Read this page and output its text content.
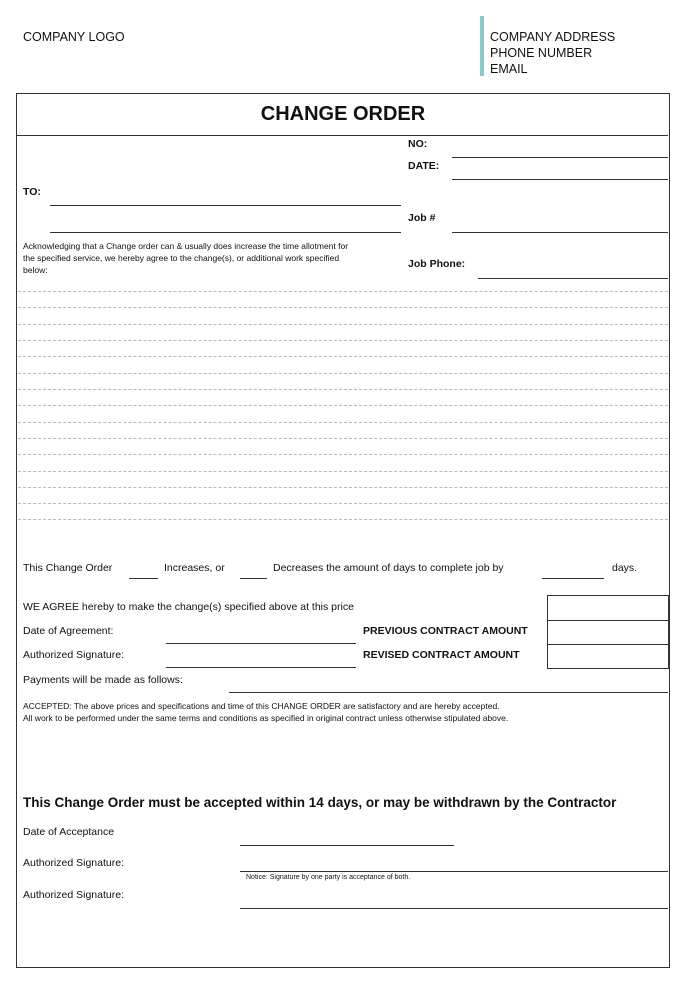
COMPANY LOGO	COMPANY ADDRESS
PHONE NUMBER
EMAIL
CHANGE ORDER
NO:
DATE:
TO:
Job #
Acknowledging that a Change order can & usually does increase the time allotment for
the specified service, we hereby agree to the change(s), or additional work specified
below:	Job Phone:
This Change Order	Increases, or	Decreases the amount of days to complete job by	days.
WE AGREE hereby to make the change(s) specified above at this price
Date of Agreement:	PREVIOUS CONTRACT AMOUNT
Authorized Signature:	REVISED CONTRACT AMOUNT
Payments will be made as follows:
ACCEPTED: The above prices and specifications and time of this CHANGE ORDER are satisfactory and are hereby accepted.
All work to be performed under the same terms and conditions as specified in original contract unless otherwise stipulated above.
This Change Order must be accepted within 14 days, or may be withdrawn by the Contractor
Date of Acceptance
Authorized Signature:
Notice: Signature by one party is acceptance of both.
Authorized Signature:
